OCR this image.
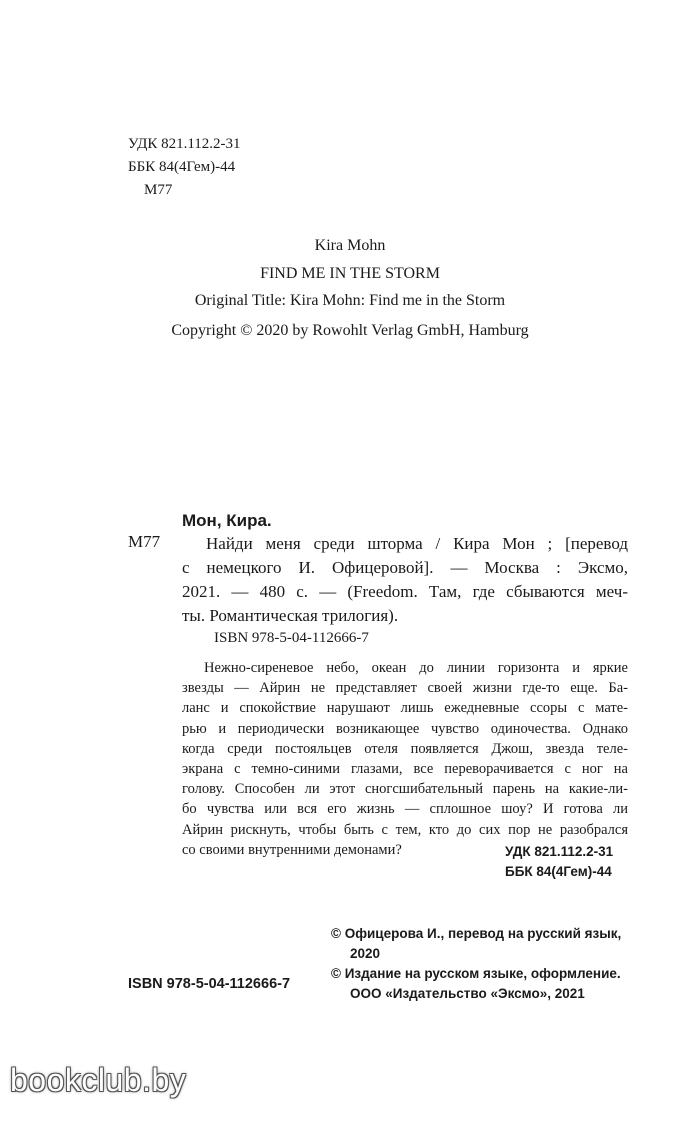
УДК 821.112.2-31
ББК 84(4Гем)-44
М77
Kira Mohn
FIND ME IN THE STORM
Original Title: Kira Mohn: Find me in the Storm
Copyright © 2020 by Rowohlt Verlag GmbH, Hamburg
Мон, Кира.
М77	Найди меня среди шторма / Кира Мон ; [перевод
с немецкого И. Офицеровой]. — Москва : Эксмо,
2021. — 480 с. — (Freedom. Там, где сбываются меч-
ты. Романтическая трилогия).
ISBN 978-5-04-112666-7
Нежно-сиреневое небо, океан до линии горизонта и яркие
звезды — Айрин не представляет своей жизни где-то еще. Ба-
ланс и спокойствие нарушают лишь ежедневные ссоры с мате-
рью и периодически возникающее чувство одиночества. Однако
когда среди постояльцев отеля появляется Джош, звезда теле-
экрана с темно-синими глазами, все переворачивается с ног на
голову. Способен ли этот сногсшибательный парень на какие-ли-
бо чувства или вся его жизнь — сплошное шоу? И готова ли
Айрин рискнуть, чтобы быть с тем, кто до сих пор не разобрался
со своими внутренними демонами?	УДК 821.112.2-31
ББК 84(4Гем)-44
ISBN 978-5-04-112666-7
© Офицерова И., перевод на русский язык,
2020
© Издание на русском языке, оформление.
ООО «Издательство «Эксмо», 2021
bookclub.by
